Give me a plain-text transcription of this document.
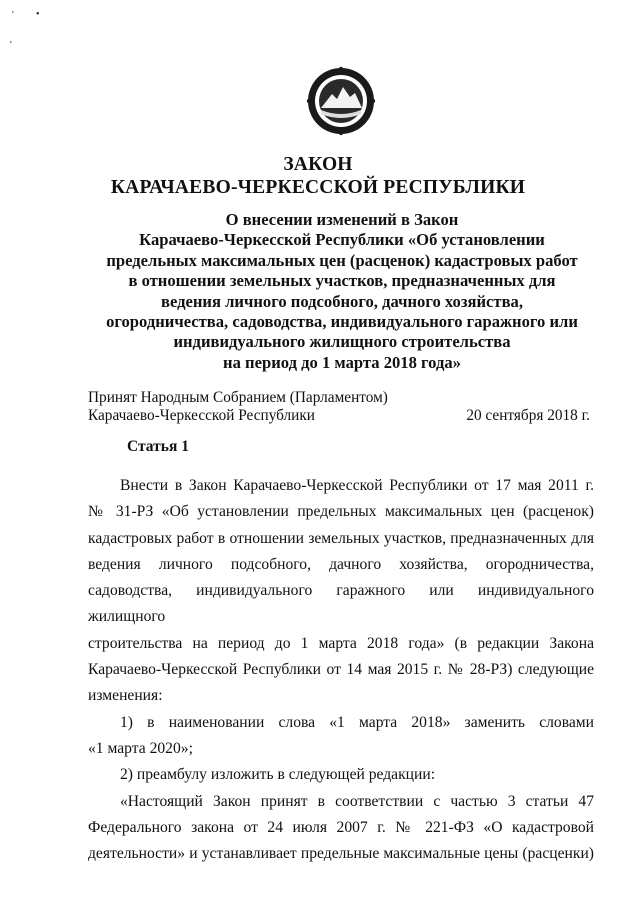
' •
'
ЗАКОН
КАРАЧАЕВО-ЧЕРКЕССКОЙ РЕСПУБЛИКИ
О внесении изменений в Закон
Карачаево-Черкесской Республики «Об установлении
предельных максимальных цен (расценок) кадастровых работ
в отношении земельных участков, предназначенных для
ведения личного подсобного, дачного хозяйства,
огородничества, садоводства, индивидуального гаражного или
индивидуального жилищного строительства
на период до 1 марта 2018 года»
Принят Народным Собранием (Парламентом)
Карачаево-Черкесской Республики	20 сентября 2018 г.
Статья 1
Внести в Закон Карачаево-Черкесской Республики от 17 мая 2011 г.
№ 31-РЗ «Об установлении предельных максимальных цен (расценок)
кадастровых работ в отношении земельных участков, предназначенных для
ведения личного подсобного, дачного хозяйства, огородничества,
садоводства, индивидуального гаражного или индивидуального жилищного
строительства на период до 1 марта 2018 года» (в редакции Закона
Карачаево-Черкесской Республики от 14 мая 2015 г. № 28-РЗ) следующие
изменения:
1) в наименовании слова «1 марта 2018» заменить словами
«1 марта 2020»;
2) преамбулу изложить в следующей редакции:
«Настоящий Закон принят в соответствии с частью 3 статьи 47
Федерального закона от 24 июля 2007 г. № 221-ФЗ «О кадастровой
деятельности» и устанавливает предельные максимальные цены (расценки)
